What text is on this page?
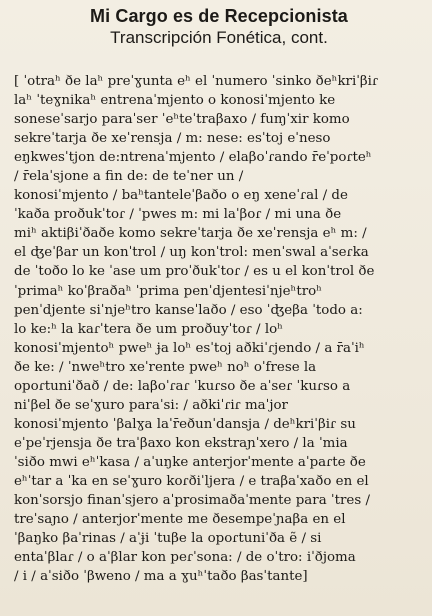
Mi Cargo es de Recepcionista
Transcripción Fonética, cont.
[ ˈotraʰ ðe laʰ preˈɣunta eʰ el ˈnumero ˈsinko ðeʰkriˈβiɾ
laʰ ˈteɣnikaʰ entrenaˈmjento o konosiˈmjento ke
sonesеˈsarjo paraˈser ˈeʰteˈtraβaxo / fuɱˈxir komo
sekreˈtarja ðe xeˈrensja / m: nese: esˈtoj eˈneso
eŋkwesˈtjon de:ntrenaˈmjento / elaβoˈɾando r̄eˈpoɾteʰ
/ r̄elaˈsjone a fin de: de teˈner un /
konosiˈmjento / baʰtanteleˈβaðo o eŋ xeneˈɾal / de
ˈkaða proðukˈtoɾ / ˈpwes m: mi laˈβoɾ / mi una ðe
miʰ aktiβiˈðaðe komo sekreˈtarja ðe xeˈrensja eʰ m: /
el ʤeˈβar un konˈtrol / uŋ konˈtrol: menˈswal aˈseɾka
de ˈtoðo lo ke ˈase um proˈðukˈtoɾ / es u el konˈtrol ðe
ˈprimaʰ koˈβraðaʰ ˈprima penˈdjentesiˈnjeʰtroʰ
penˈdjente siˈnjeʰtro kanseˈlaðo / eso ˈʤeβa ˈtodo a:
lo ke:ʰ la kaɾˈtera ðe um proðuyˈtoɾ / loʰ
konosiˈmjentoʰ pweʰ ɉa loʰ esˈtoj aðkiˈɾjendo / a r̄aˈiʰ
ðe ke: / ˈnweʰtro xeˈrente pweʰ noʰ oˈfrese la
opoɾtuniˈðað / de: laβoˈɾaɾ ˈkuɾso ðe aˈseɾ ˈkuɾso a
niˈβel ðe seˈɣuro paraˈsi: / aðkiˈɾiɾ maˈjor
konosiˈmjento ˈβalɣa laˈr̄eðunˈdansja / deʰkriˈβiɾ su
eˈpeˈrjensja ðe traˈβaxo kon ekstraɲˈxero / la ˈmia
ˈsiðo mwi eʰˈkasa / aˈuŋke anterjorˈmente aˈpaɾte ðe
eʰˈtar a ˈka en seˈɣuro koɾðiˈljera / e traβaˈxaðo en el
konˈsorsjo finanˈsjero aˈprosimaðaˈmente para ˈtres /
treˈsaɲo / anterjorˈmente me ðesempeˈɲaβa en el
ˈβaŋko βaˈrinas / aˈɉi ˈtuβe la opoɾtuniˈða ẽ / si
entaˈβlaɾ / o aˈβlar kon peɾˈsona: / de oˈtro: iˈðjoma
/ i / aˈsiðo ˈβweno / ma a ɣuʰˈtaðo βasˈtante]
